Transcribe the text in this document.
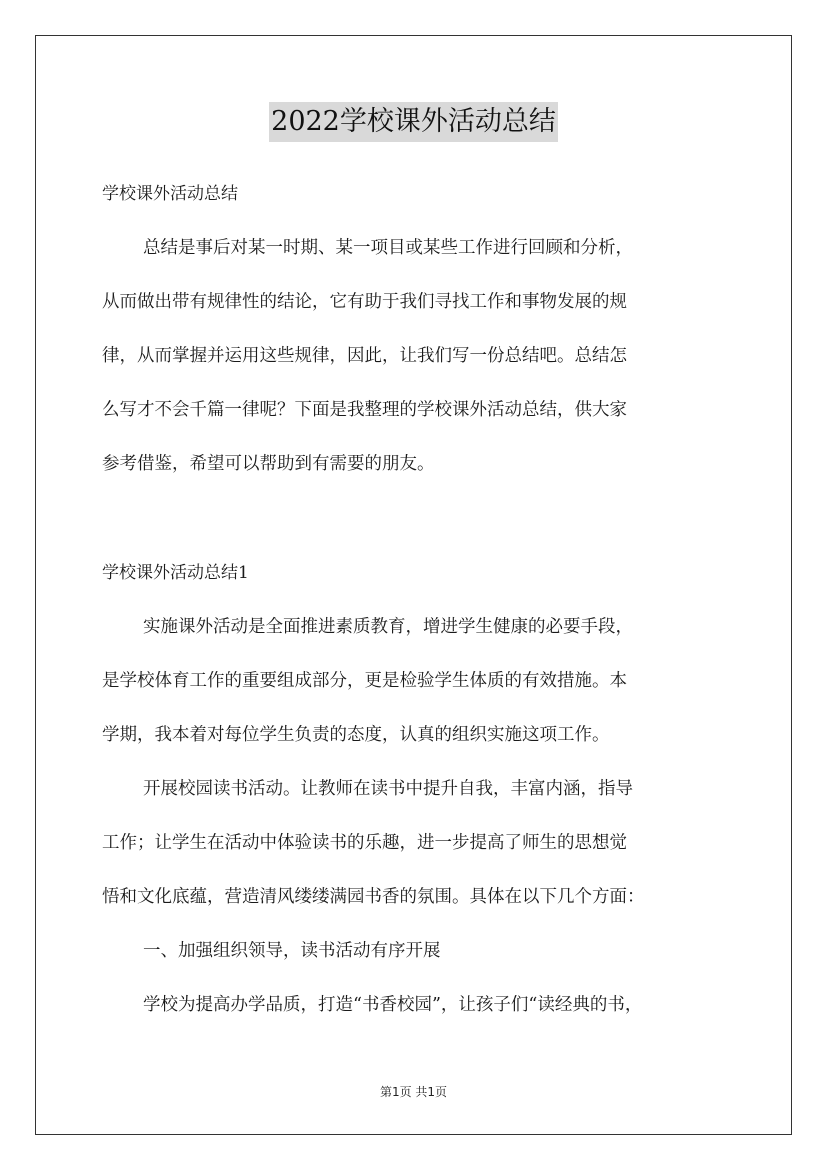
2022学校课外活动总结
学校课外活动总结
总结是事后对某一时期、某一项目或某些工作进行回顾和分析，
从而做出带有规律性的结论，它有助于我们寻找工作和事物发展的规
律，从而掌握并运用这些规律，因此，让我们写一份总结吧。总结怎
么写才不会千篇一律呢？下面是我整理的学校课外活动总结，供大家
参考借鉴，希望可以帮助到有需要的朋友。
学校课外活动总结1
实施课外活动是全面推进素质教育，增进学生健康的必要手段，
是学校体育工作的重要组成部分，更是检验学生体质的有效措施。本
学期，我本着对每位学生负责的态度，认真的组织实施这项工作。
开展校园读书活动。让教师在读书中提升自我，丰富内涵，指导
工作；让学生在活动中体验读书的乐趣，进一步提高了师生的思想觉
悟和文化底蕴，营造清风缕缕满园书香的氛围。具体在以下几个方面：
一、加强组织领导，读书活动有序开展
学校为提高办学品质，打造“书香校园”，让孩子们“读经典的书，
第1页 共1页
